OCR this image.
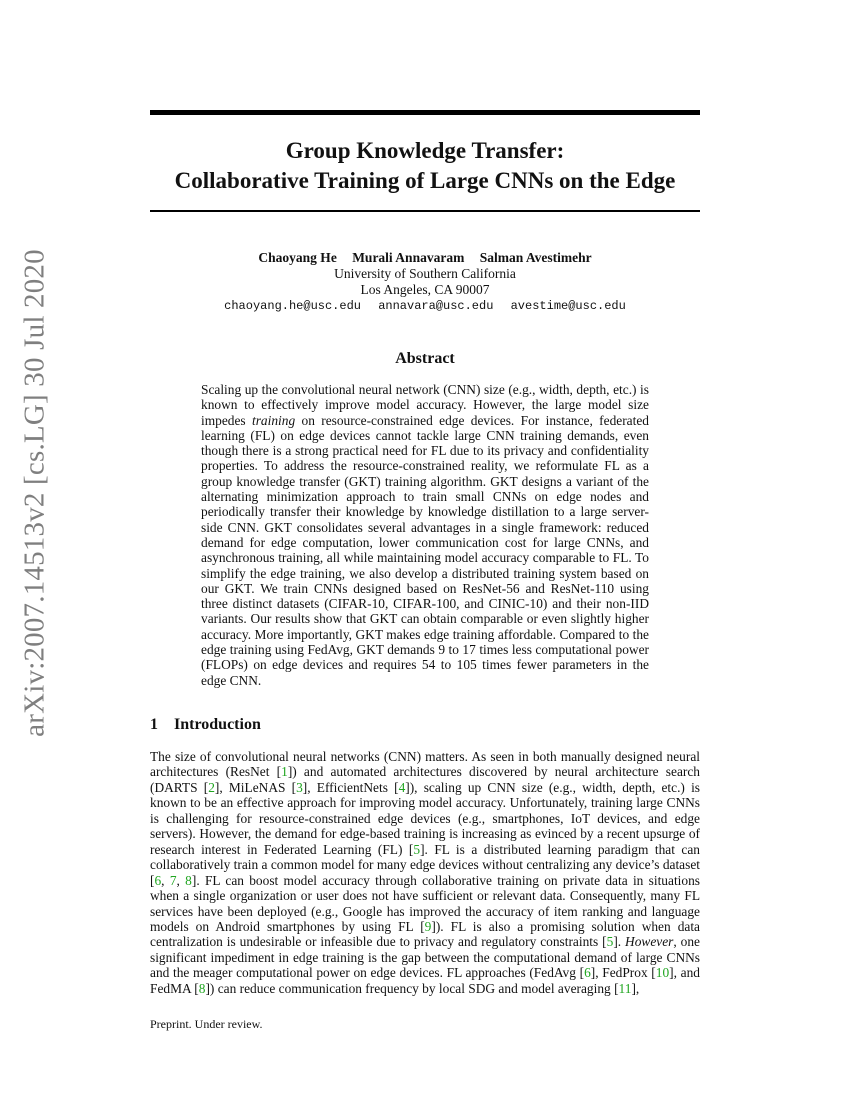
arXiv:2007.14513v2 [cs.LG] 30 Jul 2020
Group Knowledge Transfer:
Collaborative Training of Large CNNs on the Edge
Chaoyang He Murali Annavaram Salman Avestimehr
University of Southern California
Los Angeles, CA 90007
chaoyang.he@usc.edu annavara@usc.edu avestime@usc.edu
Abstract

Scaling up the convolutional neural network (CNN) size (e.g., width, depth, etc.) is known to effectively improve model accuracy. However, the large model size impedes training on resource-constrained edge devices. For instance, federated learning (FL) on edge devices cannot tackle large CNN training demands, even though there is a strong practical need for FL due to its privacy and confidentiality properties. To address the resource-constrained reality, we reformulate FL as a group knowledge transfer (GKT) training algorithm. GKT designs a variant of the alternating minimization approach to train small CNNs on edge nodes and periodically transfer their knowledge by knowledge distillation to a large server-side CNN. GKT consolidates several advantages in a single framework: reduced demand for edge computation, lower communication cost for large CNNs, and asynchronous training, all while maintaining model accuracy comparable to FL. To simplify the edge training, we also develop a distributed training system based on our GKT. We train CNNs designed based on ResNet-56 and ResNet-110 using three distinct datasets (CIFAR-10, CIFAR-100, and CINIC-10) and their non-IID variants. Our results show that GKT can obtain comparable or even slightly higher accuracy. More importantly, GKT makes edge training affordable. Compared to the edge training using FedAvg, GKT demands 9 to 17 times less computational power (FLOPs) on edge devices and requires 54 to 105 times fewer parameters in the edge CNN.

1 Introduction

The size of convolutional neural networks (CNN) matters. As seen in both manually designed neural architectures (ResNet [1]) and automated architectures discovered by neural architecture search (DARTS [2], MiLeNAS [3], EfficientNets [4]), scaling up CNN size (e.g., width, depth, etc.) is known to be an effective approach for improving model accuracy. Unfortunately, training large CNNs is challenging for resource-constrained edge devices (e.g., smartphones, IoT devices, and edge servers). However, the demand for edge-based training is increasing as evinced by a recent upsurge of research interest in Federated Learning (FL) [5]. FL is a distributed learning paradigm that can collaboratively train a common model for many edge devices without centralizing any device’s dataset [6, 7, 8]. FL can boost model accuracy through collaborative training on private data in situations when a single organization or user does not have sufficient or relevant data. Consequently, many FL services have been deployed (e.g., Google has improved the accuracy of item ranking and language models on Android smartphones by using FL [9]). FL is also a promising solution when data centralization is undesirable or infeasible due to privacy and regulatory constraints [5]. However, one significant impediment in edge training is the gap between the computational demand of large CNNs and the meager computational power on edge devices. FL approaches (FedAvg [6], FedProx [10], and FedMA [8]) can reduce communication frequency by local SDG and model averaging [11],

Preprint. Under review.
